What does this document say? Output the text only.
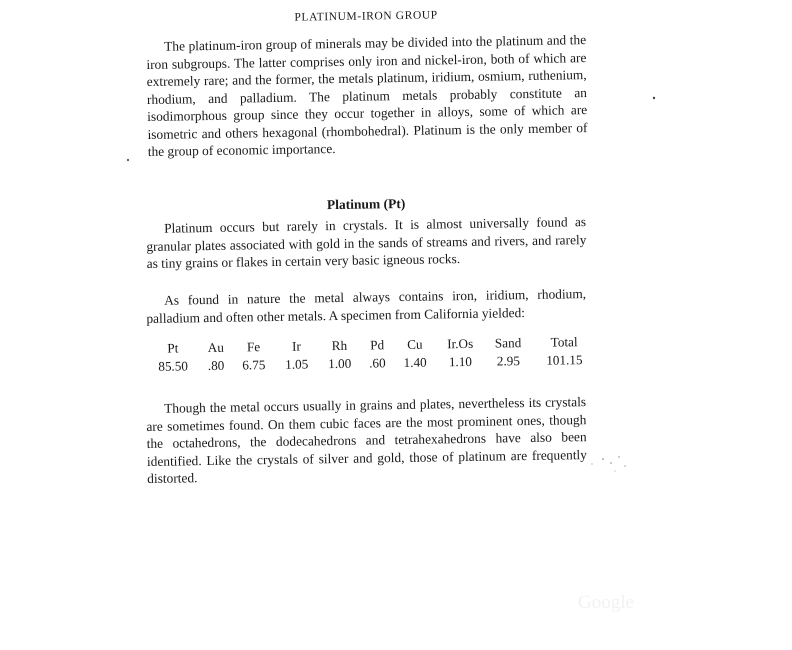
PLATINUM-IRON GROUP

The platinum-iron group of minerals may be divided into the platinum and the iron subgroups. The latter comprises only iron and nickel-iron, both of which are extremely rare; and the former, the metals platinum, iridium, osmium, ruthenium, rhodium, and palladium. The platinum metals probably constitute an isodimorphous group since they occur together in alloys, some of which are isometric and others hexagonal (rhombohedral). Platinum is the only member of the group of economic importance.

Platinum (Pt)

Platinum occurs but rarely in crystals. It is almost universally found as granular plates associated with gold in the sands of streams and rivers, and rarely as tiny grains or flakes in certain very basic igneous rocks.

As found in nature the metal always contains iron, iridium, rhodium, palladium and often other metals. A specimen from California yielded:

Pt	Au	Fe	Ir	Rh	Pd	Cu	Ir.Os	Sand	Total
85.50	.80	6.75	1.05	1.00	.60	1.40	1.10	2.95	101.15

Though the metal occurs usually in grains and plates, nevertheless its crystals are sometimes found. On them cubic faces are the most prominent ones, though the octahedrons, the dodecahedrons and tetrahexahedrons have also been identified. Like the crystals of silver and gold, those of platinum are frequently distorted.

Google
